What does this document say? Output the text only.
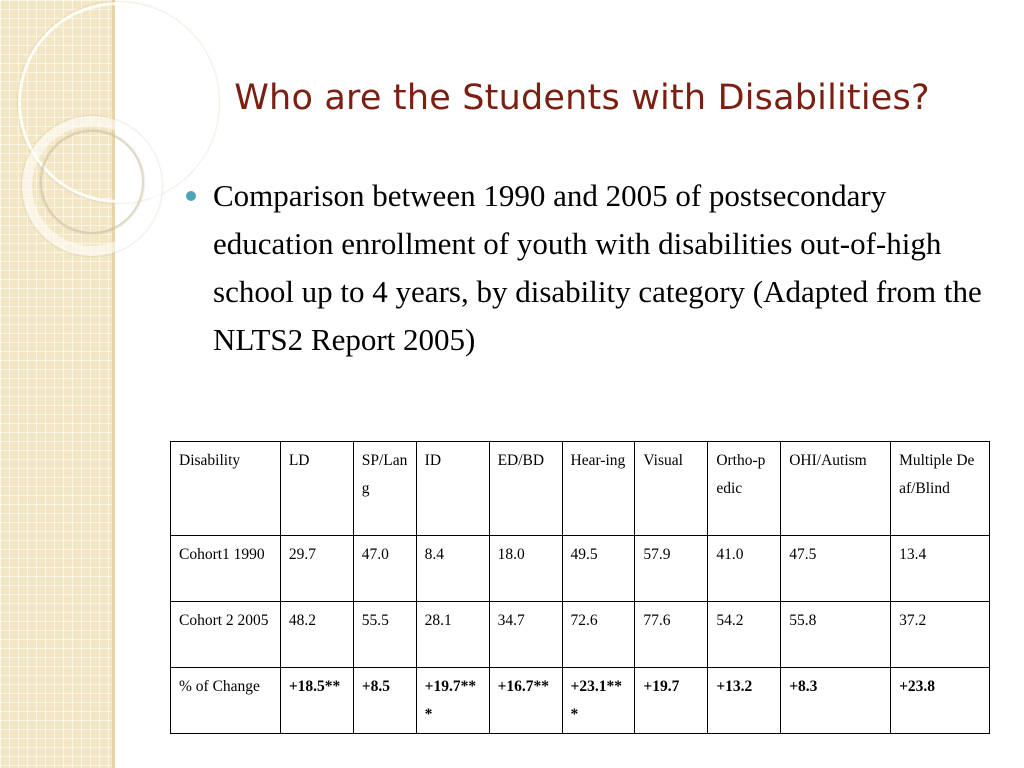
Who are the Students with Disabilities?

Comparison between 1990 and 2005 of postsecondary education enrollment of youth with disabilities out-of-high school up to 4 years, by disability category (Adapted from the NLTS2 Report 2005)

Disability	LD	SP/Lang	ID	ED/BD	Hear-ing	Visual	Ortho-pedic	OHI/Autism	Multiple Deaf/Blind
Cohort1 1990	29.7	47.0	8.4	18.0	49.5	57.9	41.0	47.5	13.4
Cohort 2 2005	48.2	55.5	28.1	34.7	72.6	77.6	54.2	55.8	37.2
% of Change	+18.5**	+8.5	+19.7***	+16.7**	+23.1***	+19.7	+13.2	+8.3	+23.8
